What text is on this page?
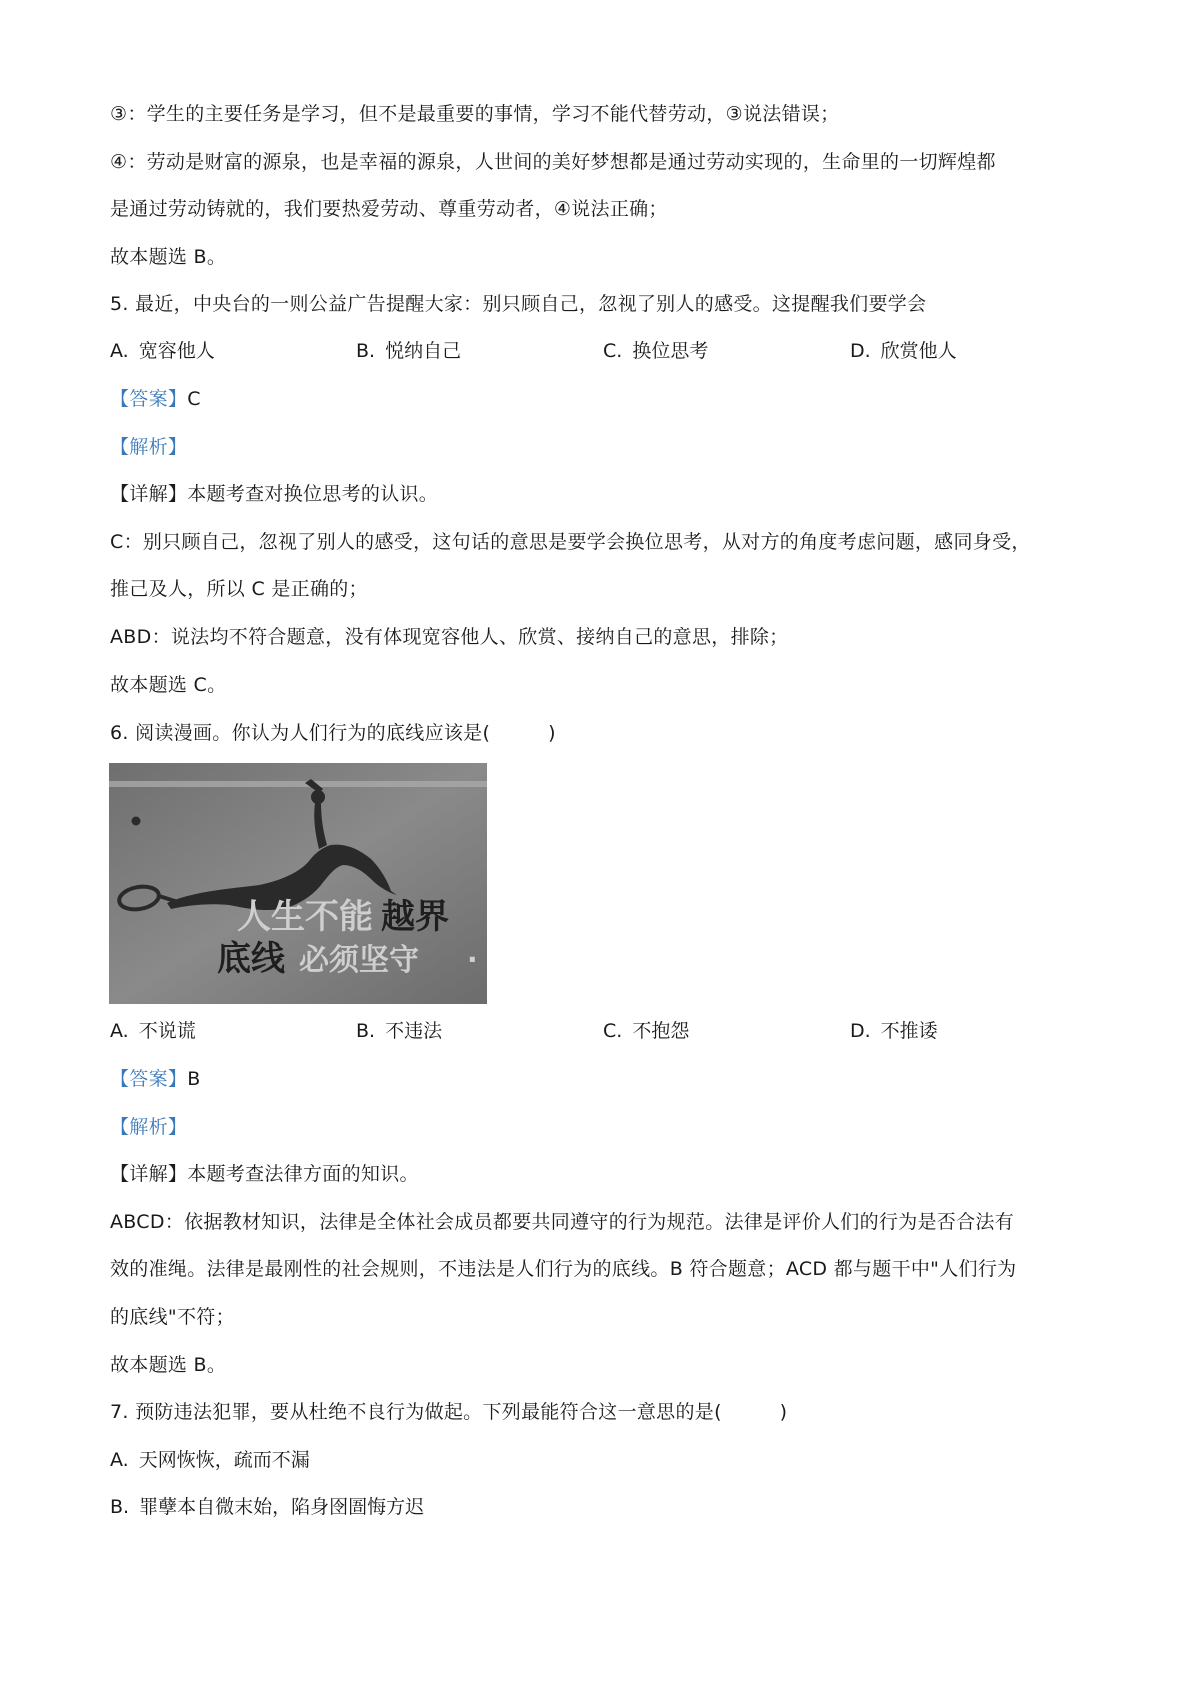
③：学生的主要任务是学习，但不是最重要的事情，学习不能代替劳动，③说法错误；
④：劳动是财富的源泉，也是幸福的源泉，人世间的美好梦想都是通过劳动实现的，生命里的一切辉煌都
是通过劳动铸就的，我们要热爱劳动、尊重劳动者，④说法正确；
故本题选 B。
5. 最近，中央台的一则公益广告提醒大家：别只顾自己，忽视了别人的感受。这提醒我们要学会
A. 宽容他人	B. 悦纳自己	C. 换位思考	D. 欣赏他人
【答案】C
【解析】
【详解】本题考查对换位思考的认识。
C：别只顾自己，忽视了别人的感受，这句话的意思是要学会换位思考，从对方的角度考虑问题，感同身受，
推己及人，所以 C 是正确的；
ABD：说法均不符合题意，没有体现宽容他人、欣赏、接纳自己的意思，排除；
故本题选 C。
6. 阅读漫画。你认为人们行为的底线应该是(　　　)
人生不能 越界
底线 必须坚守 ·
A. 不说谎	B. 不违法	C. 不抱怨	D. 不推诿
【答案】B
【解析】
【详解】本题考查法律方面的知识。
ABCD：依据教材知识，法律是全体社会成员都要共同遵守的行为规范。法律是评价人们的行为是否合法有
效的准绳。法律是最刚性的社会规则，不违法是人们行为的底线。B 符合题意；ACD 都与题干中"人们行为
的底线"不符；
故本题选 B。
7. 预防违法犯罪，要从杜绝不良行为做起。下列最能符合这一意思的是(　　　)
A. 天网恢恢，疏而不漏
B. 罪孽本自微末始，陷身囹圄悔方迟
